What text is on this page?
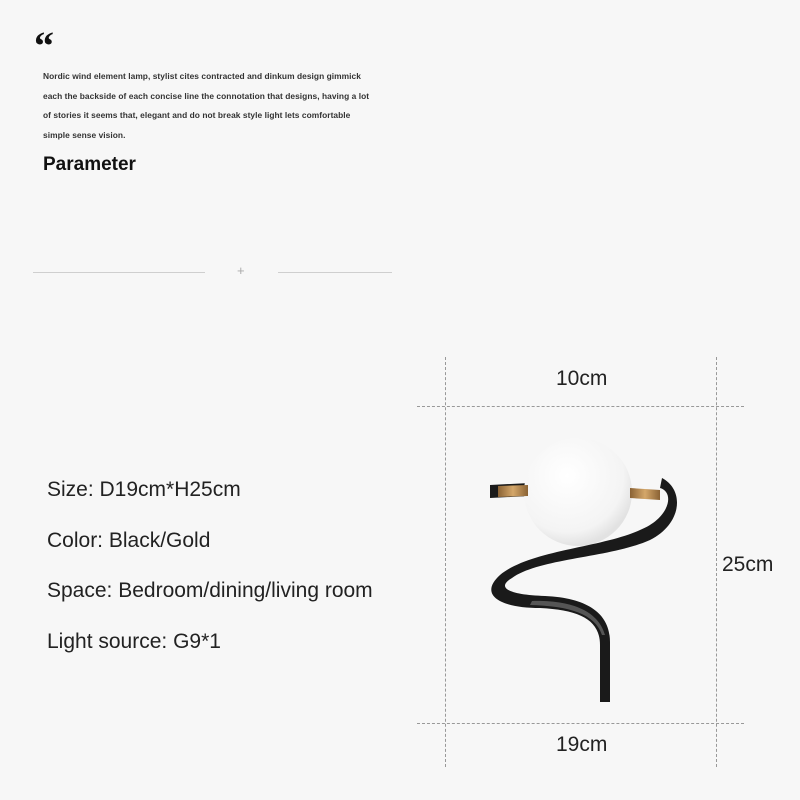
“
Nordic wind element lamp, stylist cites contracted and dinkum design gimmick
each the backside of each concise line the connotation that designs, having a lot
of stories it seems that, elegant and do not break style light lets comfortable
simple sense vision.
Parameter
+
Size: D19cm*H25cm
Color: Black/Gold
Space: Bedroom/dining/living room
Light source: G9*1
10cm
25cm
19cm
